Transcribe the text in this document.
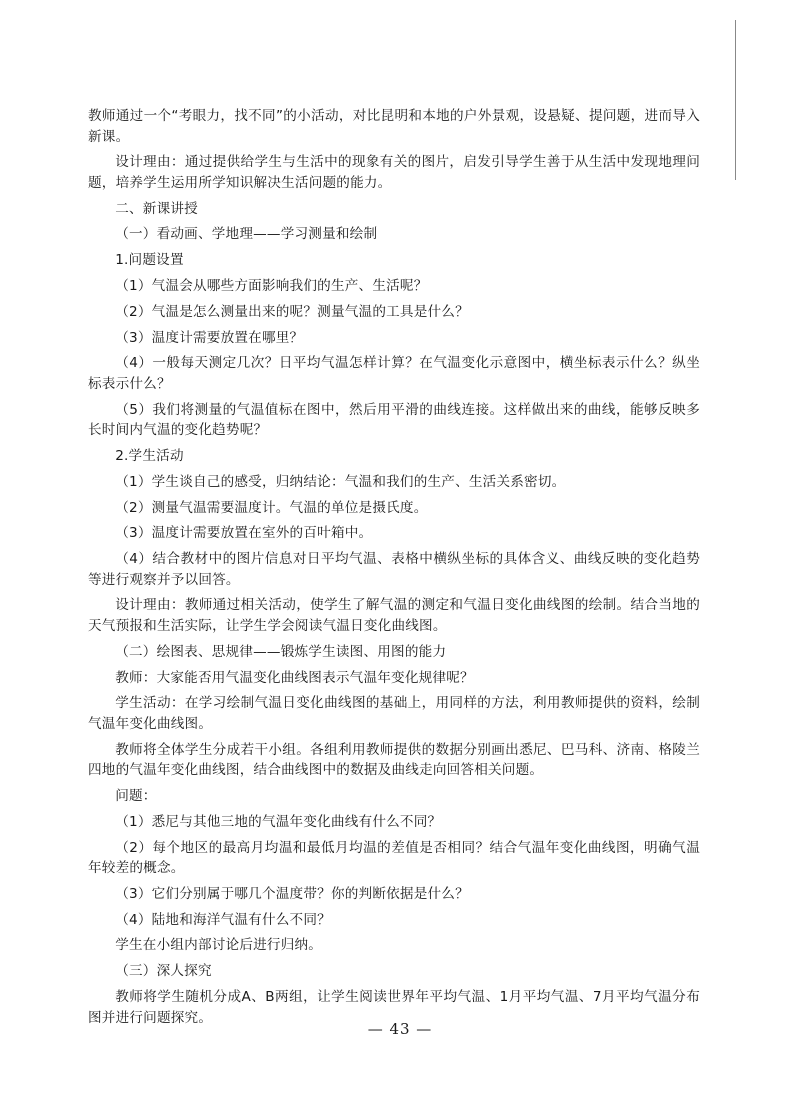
教师通过一个“考眼力，找不同”的小活动，对比昆明和本地的户外景观，设悬疑、提问题，进而导入新课。

设计理由：通过提供给学生与生活中的现象有关的图片，启发引导学生善于从生活中发现地理问题，培养学生运用所学知识解决生活问题的能力。

二、新课讲授

（一）看动画、学地理——学习测量和绘制

1.问题设置

（1）气温会从哪些方面影响我们的生产、生活呢？

（2）气温是怎么测量出来的呢？测量气温的工具是什么？

（3）温度计需要放置在哪里？

（4）一般每天测定几次？日平均气温怎样计算？在气温变化示意图中，横坐标表示什么？纵坐标表示什么？

（5）我们将测量的气温值标在图中，然后用平滑的曲线连接。这样做出来的曲线，能够反映多长时间内气温的变化趋势呢？

2.学生活动

（1）学生谈自己的感受，归纳结论：气温和我们的生产、生活关系密切。

（2）测量气温需要温度计。气温的单位是摄氏度。

（3）温度计需要放置在室外的百叶箱中。

（4）结合教材中的图片信息对日平均气温、表格中横纵坐标的具体含义、曲线反映的变化趋势等进行观察并予以回答。

设计理由：教师通过相关活动，使学生了解气温的测定和气温日变化曲线图的绘制。结合当地的天气预报和生活实际，让学生学会阅读气温日变化曲线图。

（二）绘图表、思规律——锻炼学生读图、用图的能力

教师：大家能否用气温变化曲线图表示气温年变化规律呢？

学生活动：在学习绘制气温日变化曲线图的基础上，用同样的方法，利用教师提供的资料，绘制气温年变化曲线图。

教师将全体学生分成若干小组。各组利用教师提供的数据分别画出悉尼、巴马科、济南、格陵兰四地的气温年变化曲线图，结合曲线图中的数据及曲线走向回答相关问题。

问题：

（1）悉尼与其他三地的气温年变化曲线有什么不同？

（2）每个地区的最高月均温和最低月均温的差值是否相同？结合气温年变化曲线图，明确气温年较差的概念。

（3）它们分别属于哪几个温度带？你的判断依据是什么？

（4）陆地和海洋气温有什么不同？

学生在小组内部讨论后进行归纳。

（三）深人探究

教师将学生随机分成A、B两组，让学生阅读世界年平均气温、1月平均气温、7月平均气温分布图并进行问题探究。

— 43 —
